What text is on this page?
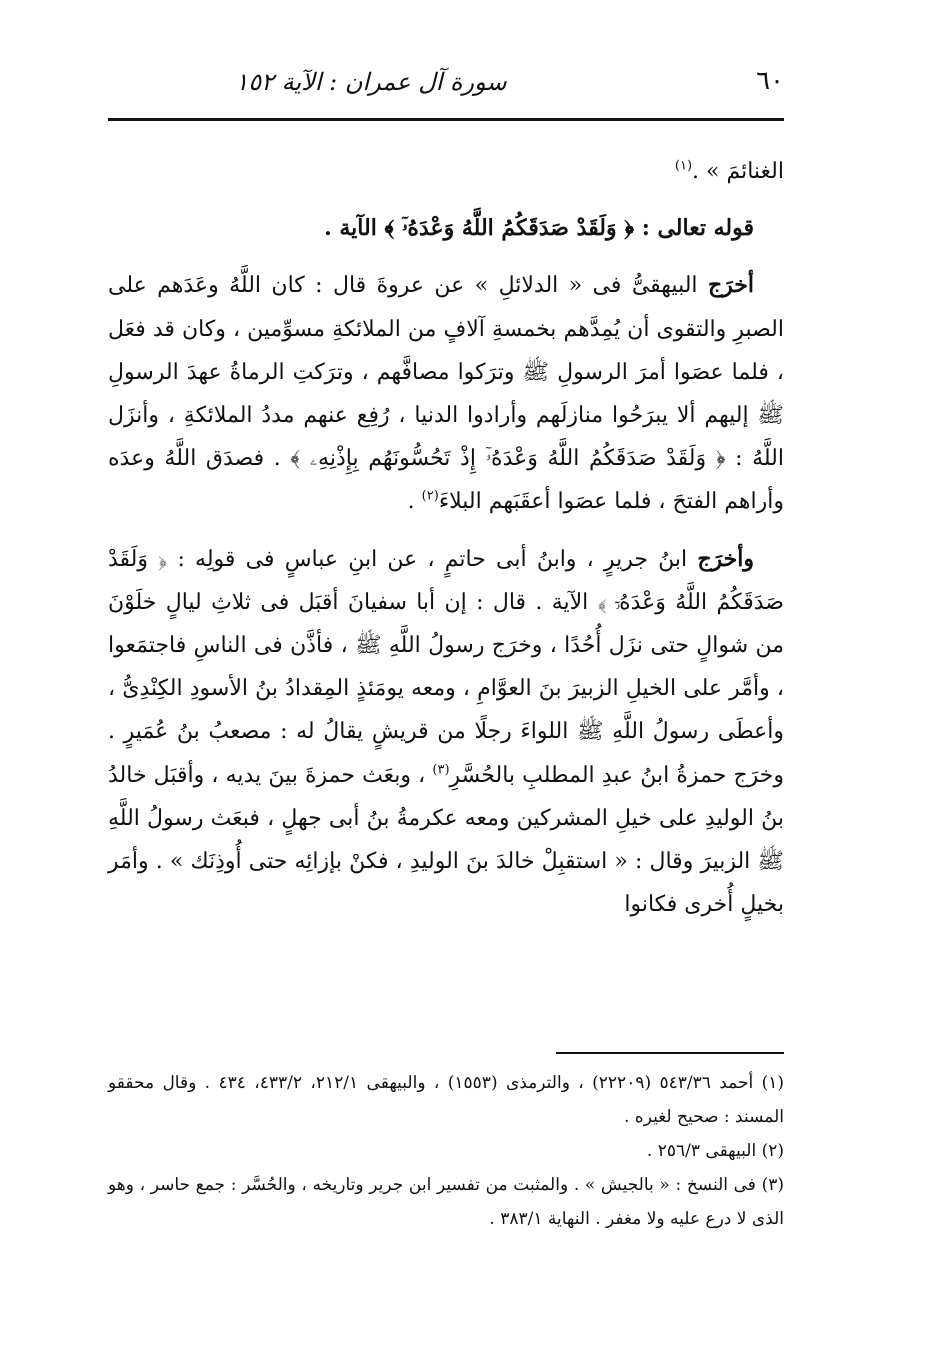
٦٠
سورة آل عمران : الآية ١٥٢

الغنائمَ » .$^{(١)}$

قوله تعالى : ﴿ وَلَقَدْ صَدَقَكُمُ اللَّهُ وَعْدَهُۥٓ ﴾ الآية .

أخرَج البيهقىُّ فى « الدلائلِ » عن عروةَ قال : كان اللَّهُ وعَدَهم على الصبرِ والتقوى أن يُمِدَّهم بخمسةِ آلافٍ من الملائكةِ مسوِّمين ، وكان قد فعَل ، فلما عصَوا أمرَ الرسولِ ﷺ وترَكوا مصافَّهم ، وترَكتِ الرماةُ عهدَ الرسولِ ﷺ إليهم ألا يبرَحُوا منازلَهم وأرادوا الدنيا ، رُفِع عنهم مددُ الملائكةِ ، وأنزَل اللَّهُ : ﴿ وَلَقَدْ صَدَقَكُمُ اللَّهُ وَعْدَهُۥٓ إِذْ تَحُسُّونَهُم بِإِذْنِهِۦ ﴾ . فصدَق اللَّهُ وعدَه وأراهم الفتحَ ، فلما عصَوا أعقَبَهم البلاءَ$^{(٢)}$ .

وأخرَج ابنُ جريرٍ ، وابنُ أبى حاتمٍ ، عن ابنِ عباسٍ فى قولِه : ﴿ وَلَقَدْ صَدَقَكُمُ اللَّهُ وَعْدَهُۥٓ ﴾ الآية . قال : إن أبا سفيانَ أقبَل فى ثلاثِ ليالٍ خلَوْنَ من شوالٍ حتى نزَل أُحُدًا ، وخرَج رسولُ اللَّهِ ﷺ ، فأذَّن فى الناسِ فاجتمَعوا ، وأمَّر على الخيلِ الزبيرَ بنَ العوَّامِ ، ومعه يومَئذٍ المِقدادُ بنُ الأسودِ الكِنْدِىُّ ، وأعطَى رسولُ اللَّهِ ﷺ اللواءَ رجلًا من قريشٍ يقالُ له : مصعبُ بنُ عُمَيرٍ . وخرَج حمزةُ ابنُ عبدِ المطلبِ بالحُسَّرِ$^{(٣)}$ ، وبعَث حمزةَ بينَ يديه ، وأقبَل خالدُ بنُ الوليدِ على خيلِ المشركين ومعه عكرمةُ بنُ أبى جهلٍ ، فبعَث رسولُ اللَّهِ ﷺ الزبيرَ وقال : « استقبِلْ خالدَ بنَ الوليدِ ، فكنْ بإزائِه حتى أُوذِنَك » . وأمَر بخيلٍ أُخرى فكانوا

(١) أحمد ٥٤٣/٣٦ (٢٢٢٠٩) ، والترمذى (١٥٥٣) ، والبيهقى ٢١٢/١، ٤٣٣/٢، ٤٣٤ . وقال محققو المسند : صحيح لغيره .

(٢) البيهقى ٢٥٦/٣ .

(٣) فى النسخ : « بالجيش » . والمثبت من تفسير ابن جرير وتاريخه ، والحُسَّر : جمع حاسر ، وهو الذى لا درع عليه ولا مغفر . النهاية ٣٨٣/١ .
